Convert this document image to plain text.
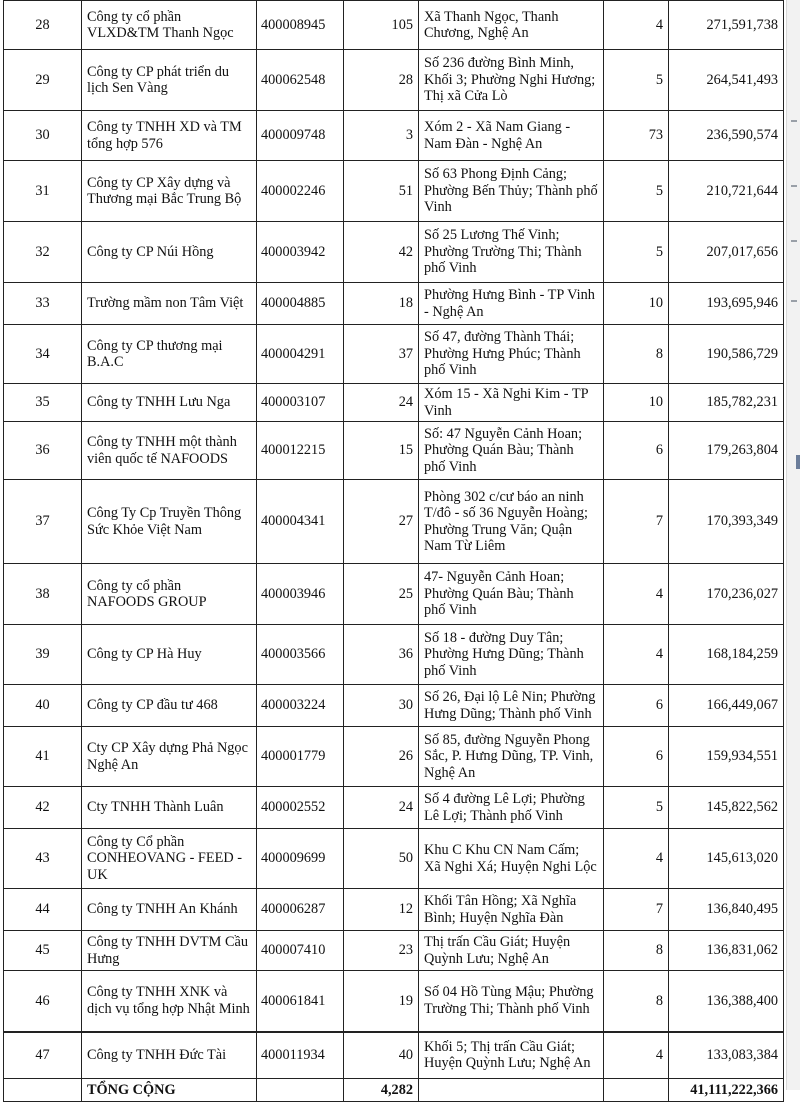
28	Công ty cổ phần VLXD&TM Thanh Ngọc	400008945	105	Xã Thanh Ngọc, Thanh Chương, Nghệ An	4	271,591,738
29	Công ty CP phát triển du lịch Sen Vàng	400062548	28	Số 236 đường Bình Minh, Khối 3; Phường Nghi Hương; Thị xã Cửa Lò	5	264,541,493
30	Công ty TNHH XD và TM tổng hợp 576	400009748	3	Xóm 2 - Xã Nam Giang - Nam Đàn - Nghệ An	73	236,590,574
31	Công ty CP Xây dựng và Thương mại Bắc Trung Bộ	400002246	51	Số 63 Phong Định Cảng; Phường Bến Thủy; Thành phố Vinh	5	210,721,644
32	Công ty CP Núi Hồng	400003942	42	Số 25 Lương Thế Vinh; Phường Trường Thi; Thành phố Vinh	5	207,017,656
33	Trường mầm non Tâm Việt	400004885	18	Phường Hưng Bình - TP Vinh - Nghệ An	10	193,695,946
34	Công ty CP thương mại B.A.C	400004291	37	Số 47, đường Thành Thái; Phường Hưng Phúc; Thành phố Vinh	8	190,586,729
35	Công ty TNHH Lưu Nga	400003107	24	Xóm 15 - Xã Nghi Kim - TP Vinh	10	185,782,231
36	Công ty TNHH một thành viên quốc tế NAFOODS	400012215	15	Số: 47 Nguyễn Cảnh Hoan; Phường Quán Bàu; Thành phố Vinh	6	179,263,804
37	Công Ty Cp Truyền Thông Sức Khỏe Việt Nam	400004341	27	Phòng 302 c/cư báo an ninh T/đô - số 36 Nguyễn Hoàng; Phường Trung Văn; Quận Nam Từ Liêm	7	170,393,349
38	Công ty cổ phần NAFOODS GROUP	400003946	25	47- Nguyễn Cảnh Hoan; Phường Quán Bàu; Thành phố Vinh	4	170,236,027
39	Công ty CP Hà Huy	400003566	36	Số 18 - đường Duy Tân; Phường Hưng Dũng; Thành phố Vinh	4	168,184,259
40	Công ty CP đầu tư 468	400003224	30	Số 26, Đại lộ Lê Nin; Phường Hưng Dũng; Thành phố Vinh	6	166,449,067
41	Cty CP Xây dựng Phả Ngọc Nghệ An	400001779	26	Số 85, đường Nguyễn Phong Sắc, P. Hưng Dũng, TP. Vinh, Nghệ An	6	159,934,551
42	Cty TNHH Thành Luân	400002552	24	Số 4 đường Lê Lợi; Phường Lê Lợi; Thành phố Vinh	5	145,822,562
43	Công ty Cổ phần CONHEOVANG - FEED - UK	400009699	50	Khu C Khu CN Nam Cấm; Xã Nghi Xá; Huyện Nghi Lộc	4	145,613,020
44	Công ty TNHH An Khánh	400006287	12	Khối Tân Hồng; Xã Nghĩa Bình; Huyện Nghĩa Đàn	7	136,840,495
45	Công ty TNHH DVTM Cầu Hưng	400007410	23	Thị trấn Cầu Giát; Huyện Quỳnh Lưu; Nghệ An	8	136,831,062
46	Công ty TNHH XNK và dịch vụ tổng hợp Nhật Minh	400061841	19	Số 04 Hồ Tùng Mậu; Phường Trường Thi; Thành phố Vinh	8	136,388,400
47	Công ty TNHH Đức Tài	400011934	40	Khối 5; Thị trấn Cầu Giát; Huyện Quỳnh Lưu; Nghệ An	4	133,083,384
	TỔNG CỘNG		4,282			41,111,222,366
